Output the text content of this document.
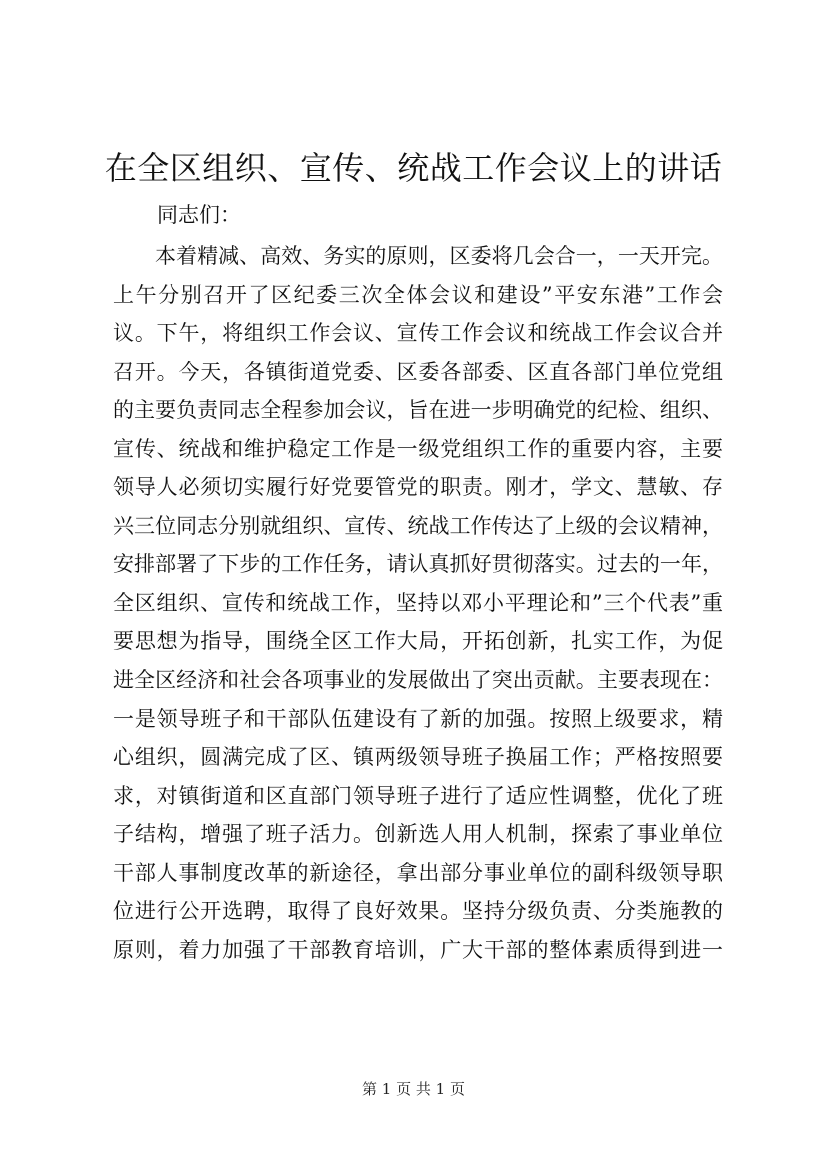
在全区组织、宣传、统战工作会议上的讲话

同志们：

本着精减、高效、务实的原则，区委将几会合一，一天开完。
上午分别召开了区纪委三次全体会议和建设”平安东港”工作会
议。下午，将组织工作会议、宣传工作会议和统战工作会议合并
召开。今天，各镇街道党委、区委各部委、区直各部门单位党组
的主要负责同志全程参加会议，旨在进一步明确党的纪检、组织、
宣传、统战和维护稳定工作是一级党组织工作的重要内容，主要
领导人必须切实履行好党要管党的职责。刚才，学文、慧敏、存
兴三位同志分别就组织、宣传、统战工作传达了上级的会议精神，
安排部署了下步的工作任务，请认真抓好贯彻落实。过去的一年，
全区组织、宣传和统战工作，坚持以邓小平理论和”三个代表”重
要思想为指导，围绕全区工作大局，开拓创新，扎实工作，为促
进全区经济和社会各项事业的发展做出了突出贡献。主要表现在：
一是领导班子和干部队伍建设有了新的加强。按照上级要求，精
心组织，圆满完成了区、镇两级领导班子换届工作；严格按照要
求，对镇街道和区直部门领导班子进行了适应性调整，优化了班
子结构，增强了班子活力。创新选人用人机制，探索了事业单位
干部人事制度改革的新途径，拿出部分事业单位的副科级领导职
位进行公开选聘，取得了良好效果。坚持分级负责、分类施教的
原则，着力加强了干部教育培训，广大干部的整体素质得到进一
第 1 页 共 1 页
